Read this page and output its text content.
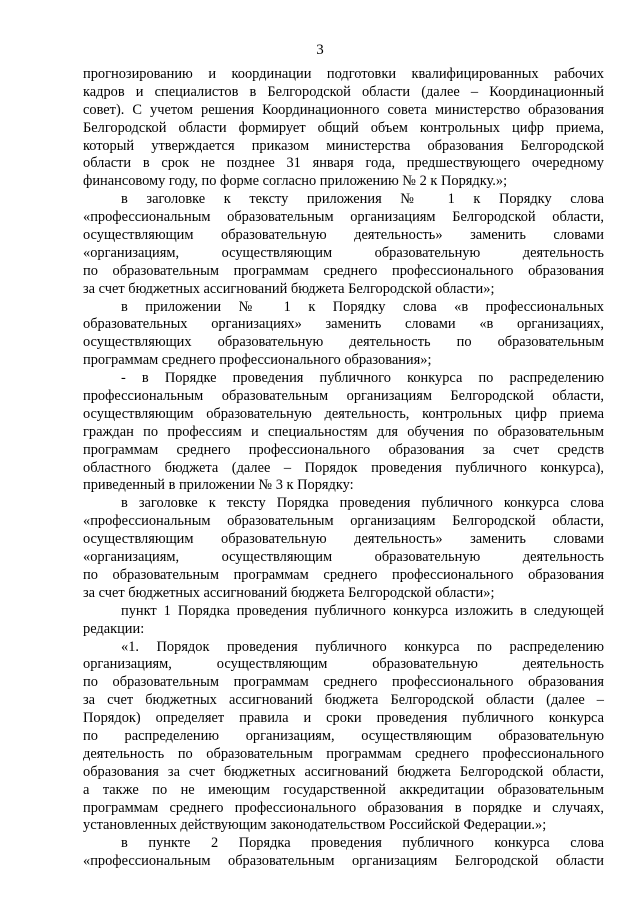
3
прогнозированию и координации подготовки квалифицированных рабочих
кадров и специалистов в Белгородской области (далее – Координационный
совет). С учетом решения Координационного совета министерство образования
Белгородской области формирует общий объем контрольных цифр приема,
который утверждается приказом министерства образования Белгородской
области в срок не позднее 31 января года, предшествующего очередному
финансовому году, по форме согласно приложению № 2 к Порядку.»;
в заголовке к тексту приложения № 1 к Порядку слова
«профессиональным образовательным организациям Белгородской области,
осуществляющим образовательную деятельность» заменить словами
«организациям, осуществляющим образовательную деятельность
по образовательным программам среднего профессионального образования
за счет бюджетных ассигнований бюджета Белгородской области»;
в приложении № 1 к Порядку слова «в профессиональных
образовательных организациях» заменить словами «в организациях,
осуществляющих образовательную деятельность по образовательным
программам среднего профессионального образования»;
- в Порядке проведения публичного конкурса по распределению
профессиональным образовательным организациям Белгородской области,
осуществляющим образовательную деятельность, контрольных цифр приема
граждан по профессиям и специальностям для обучения по образовательным
программам среднего профессионального образования за счет средств
областного бюджета (далее – Порядок проведения публичного конкурса),
приведенный в приложении № 3 к Порядку:
в заголовке к тексту Порядка проведения публичного конкурса слова
«профессиональным образовательным организациям Белгородской области,
осуществляющим образовательную деятельность» заменить словами
«организациям, осуществляющим образовательную деятельность
по образовательным программам среднего профессионального образования
за счет бюджетных ассигнований бюджета Белгородской области»;
пункт 1 Порядка проведения публичного конкурса изложить в следующей
редакции:
«1. Порядок проведения публичного конкурса по распределению
организациям, осуществляющим образовательную деятельность
по образовательным программам среднего профессионального образования
за счет бюджетных ассигнований бюджета Белгородской области (далее –
Порядок) определяет правила и сроки проведения публичного конкурса
по распределению организациям, осуществляющим образовательную
деятельность по образовательным программам среднего профессионального
образования за счет бюджетных ассигнований бюджета Белгородской области,
а также по не имеющим государственной аккредитации образовательным
программам среднего профессионального образования в порядке и случаях,
установленных действующим законодательством Российской Федерации.»;
в пункте 2 Порядка проведения публичного конкурса слова
«профессиональным образовательным организациям Белгородской области
